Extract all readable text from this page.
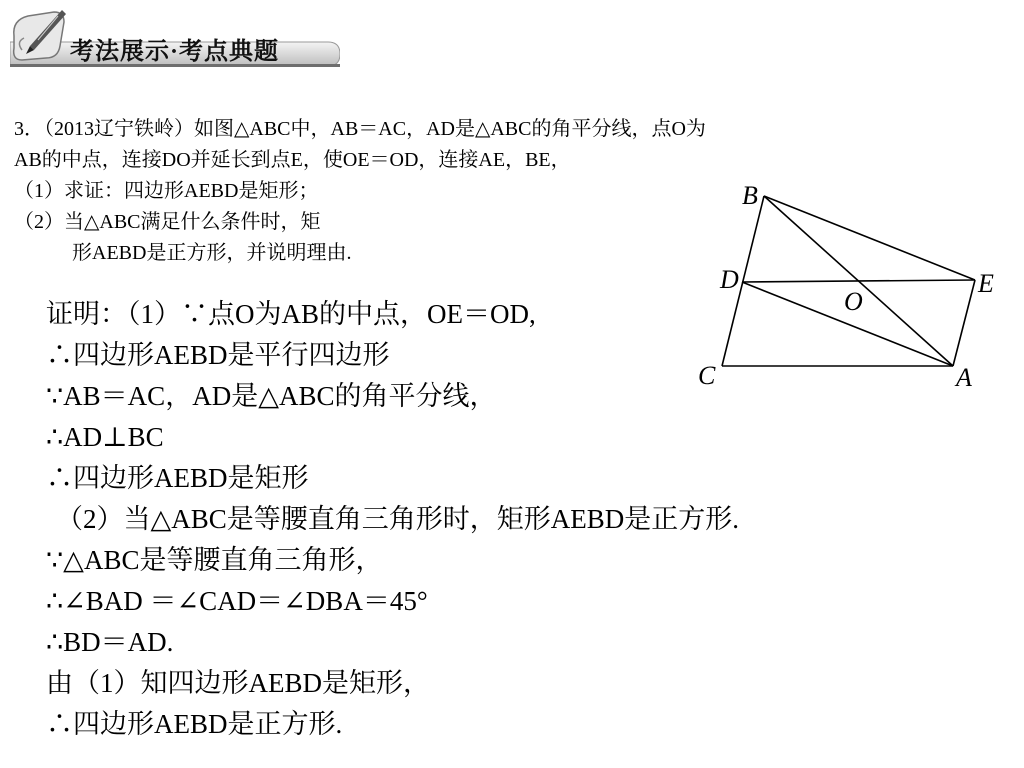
考法展示·考点典题
3．（2013辽宁铁岭）如图△ABC中，AB＝AC，AD是△ABC的角平分线，点O为
AB的中点，连接DO并延长到点E，使OE＝OD，连接AE，BE，
（1）求证：四边形AEBD是矩形；
（2）当△ABC满足什么条件时，矩
形AEBD是正方形，并说明理由.
B
D
C
E
A
O
证明：（1）∵点O为AB的中点，OE＝OD,
∴四边形AEBD是平行四边形
∵AB＝AC，AD是△ABC的角平分线，
∴AD⊥BC
∴四边形AEBD是矩形
（2）当△ABC是等腰直角三角形时，矩形AEBD是正方形.
∵△ABC是等腰直角三角形，
∴∠BAD ＝∠CAD＝∠DBA＝45°
∴BD＝AD.
由（1）知四边形AEBD是矩形，
∴四边形AEBD是正方形.
